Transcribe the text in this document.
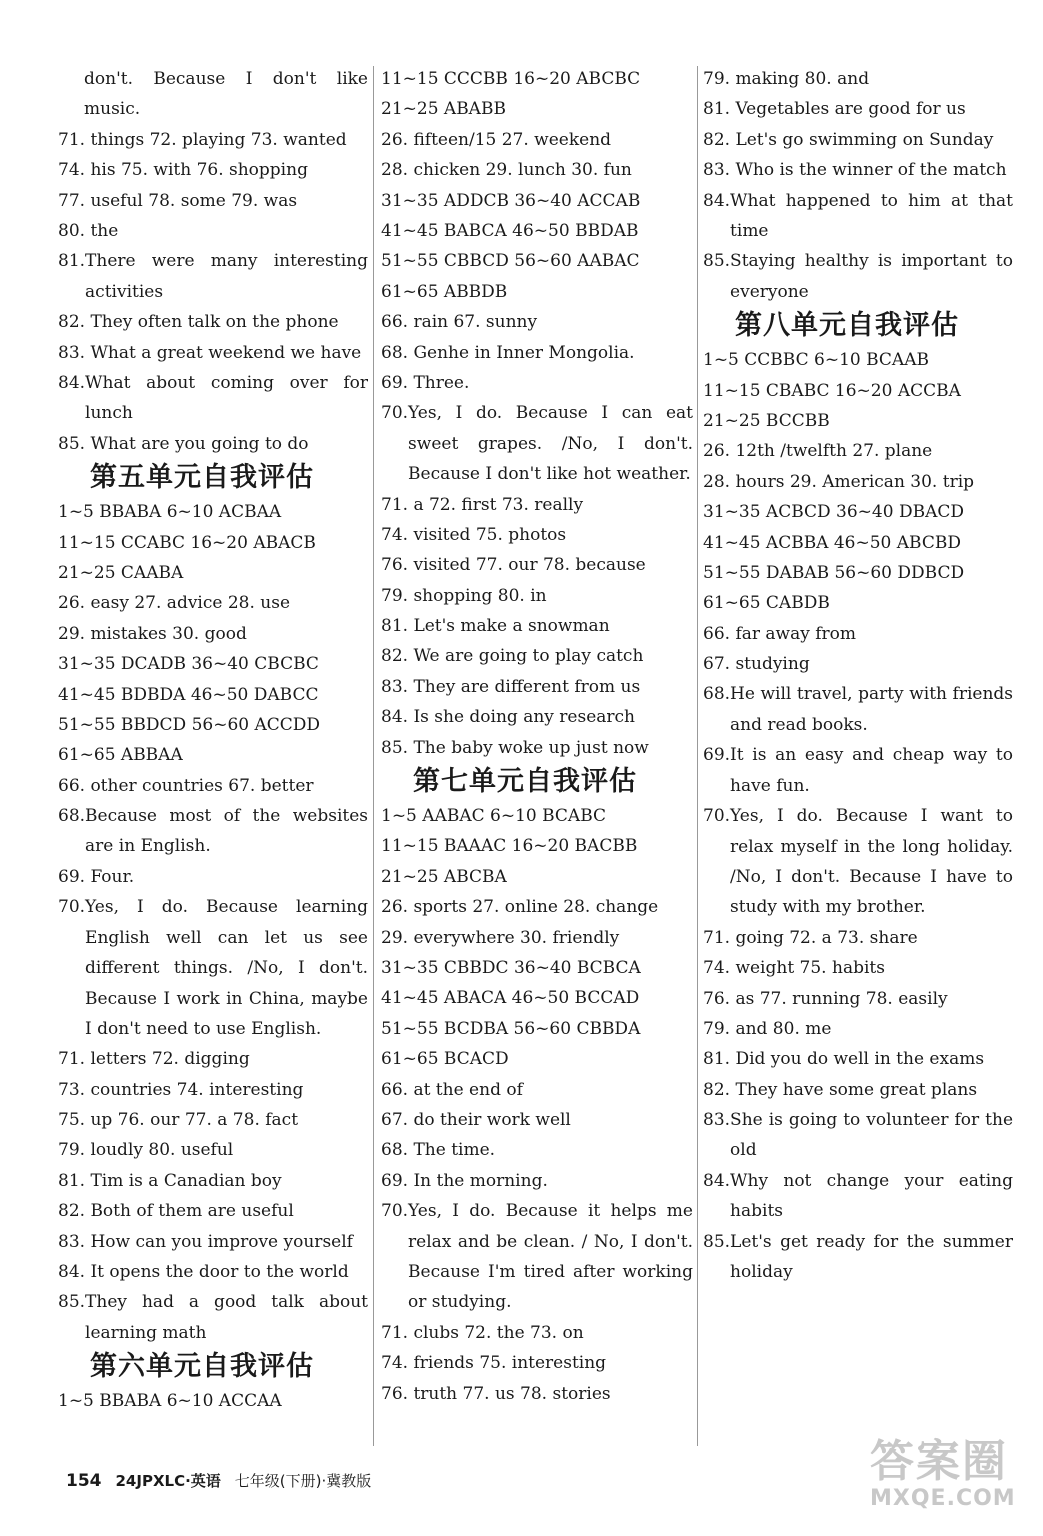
don't. Because I don't like music.
71. things 72. playing 73. wanted
74. his 75. with 76. shopping
77. useful 78. some 79. was
80. the
81. There were many interesting activities
82. They often talk on the phone
83. What a great weekend we have
84. What about coming over for lunch
85. What are you going to do
第五单元自我评估
1~5 BBABA 6~10 ACBAA
11~15 CCABC 16~20 ABACB
21~25 CAABA
26. easy 27. advice 28. use
29. mistakes 30. good
31~35 DCADB 36~40 CBCBC
41~45 BDBDA 46~50 DABCC
51~55 BBDCD 56~60 ACCDD
61~65 ABBAA
66. other countries 67. better
68. Because most of the websites are in English.
69. Four.
70. Yes, I do. Because learning English well can let us see different things. /No, I don't. Because I work in China, maybe I don't need to use English.
71. letters 72. digging
73. countries 74. interesting
75. up 76. our 77. a 78. fact
79. loudly 80. useful
81. Tim is a Canadian boy
82. Both of them are useful
83. How can you improve yourself
84. It opens the door to the world
85. They had a good talk about learning math
第六单元自我评估
1~5 BBABA 6~10 ACCAA
11~15 CCCBB 16~20 ABCBC
21~25 ABABB
26. fifteen/15 27. weekend
28. chicken 29. lunch 30. fun
31~35 ADDCB 36~40 ACCAB
41~45 BABCA 46~50 BBDAB
51~55 CBBCD 56~60 AABAC
61~65 ABBDB
66. rain 67. sunny
68. Genhe in Inner Mongolia.
69. Three.
70. Yes, I do. Because I can eat sweet grapes. /No, I don't. Because I don't like hot weather.
71. a 72. first 73. really
74. visited 75. photos
76. visited 77. our 78. because
79. shopping 80. in
81. Let's make a snowman
82. We are going to play catch
83. They are different from us
84. Is she doing any research
85. The baby woke up just now
第七单元自我评估
1~5 AABAC 6~10 BCABC
11~15 BAAAC 16~20 BACBB
21~25 ABCBA
26. sports 27. online 28. change
29. everywhere 30. friendly
31~35 CBBDC 36~40 BCBCA
41~45 ABACA 46~50 BCCAD
51~55 BCDBA 56~60 CBBDA
61~65 BCACD
66. at the end of
67. do their work well
68. The time.
69. In the morning.
70. Yes, I do. Because it helps me relax and be clean. / No, I don't. Because I'm tired after working or studying.
71. clubs 72. the 73. on
74. friends 75. interesting
76. truth 77. us 78. stories
79. making 80. and
81. Vegetables are good for us
82. Let's go swimming on Sunday
83. Who is the winner of the match
84. What happened to him at that time
85. Staying healthy is important to everyone
第八单元自我评估
1~5 CCBBC 6~10 BCAAB
11~15 CBABC 16~20 ACCBA
21~25 BCCBB
26. 12th /twelfth 27. plane
28. hours 29. American 30. trip
31~35 ACBCD 36~40 DBACD
41~45 ACBBA 46~50 ABCBD
51~55 DABAB 56~60 DDBCD
61~65 CABDB
66. far away from
67. studying
68. He will travel, party with friends and read books.
69. It is an easy and cheap way to have fun.
70. Yes, I do. Because I want to relax myself in the long holiday. /No, I don't. Because I have to study with my brother.
71. going 72. a 73. share
74. weight 75. habits
76. as 77. running 78. easily
79. and 80. me
81. Did you do well in the exams
82. They have some great plans
83. She is going to volunteer for the old
84. Why not change your eating habits
85. Let's get ready for the summer holiday
154 24JPXLC·英语 七年级(下册)·冀教版	答案圈
MXQE.COM
